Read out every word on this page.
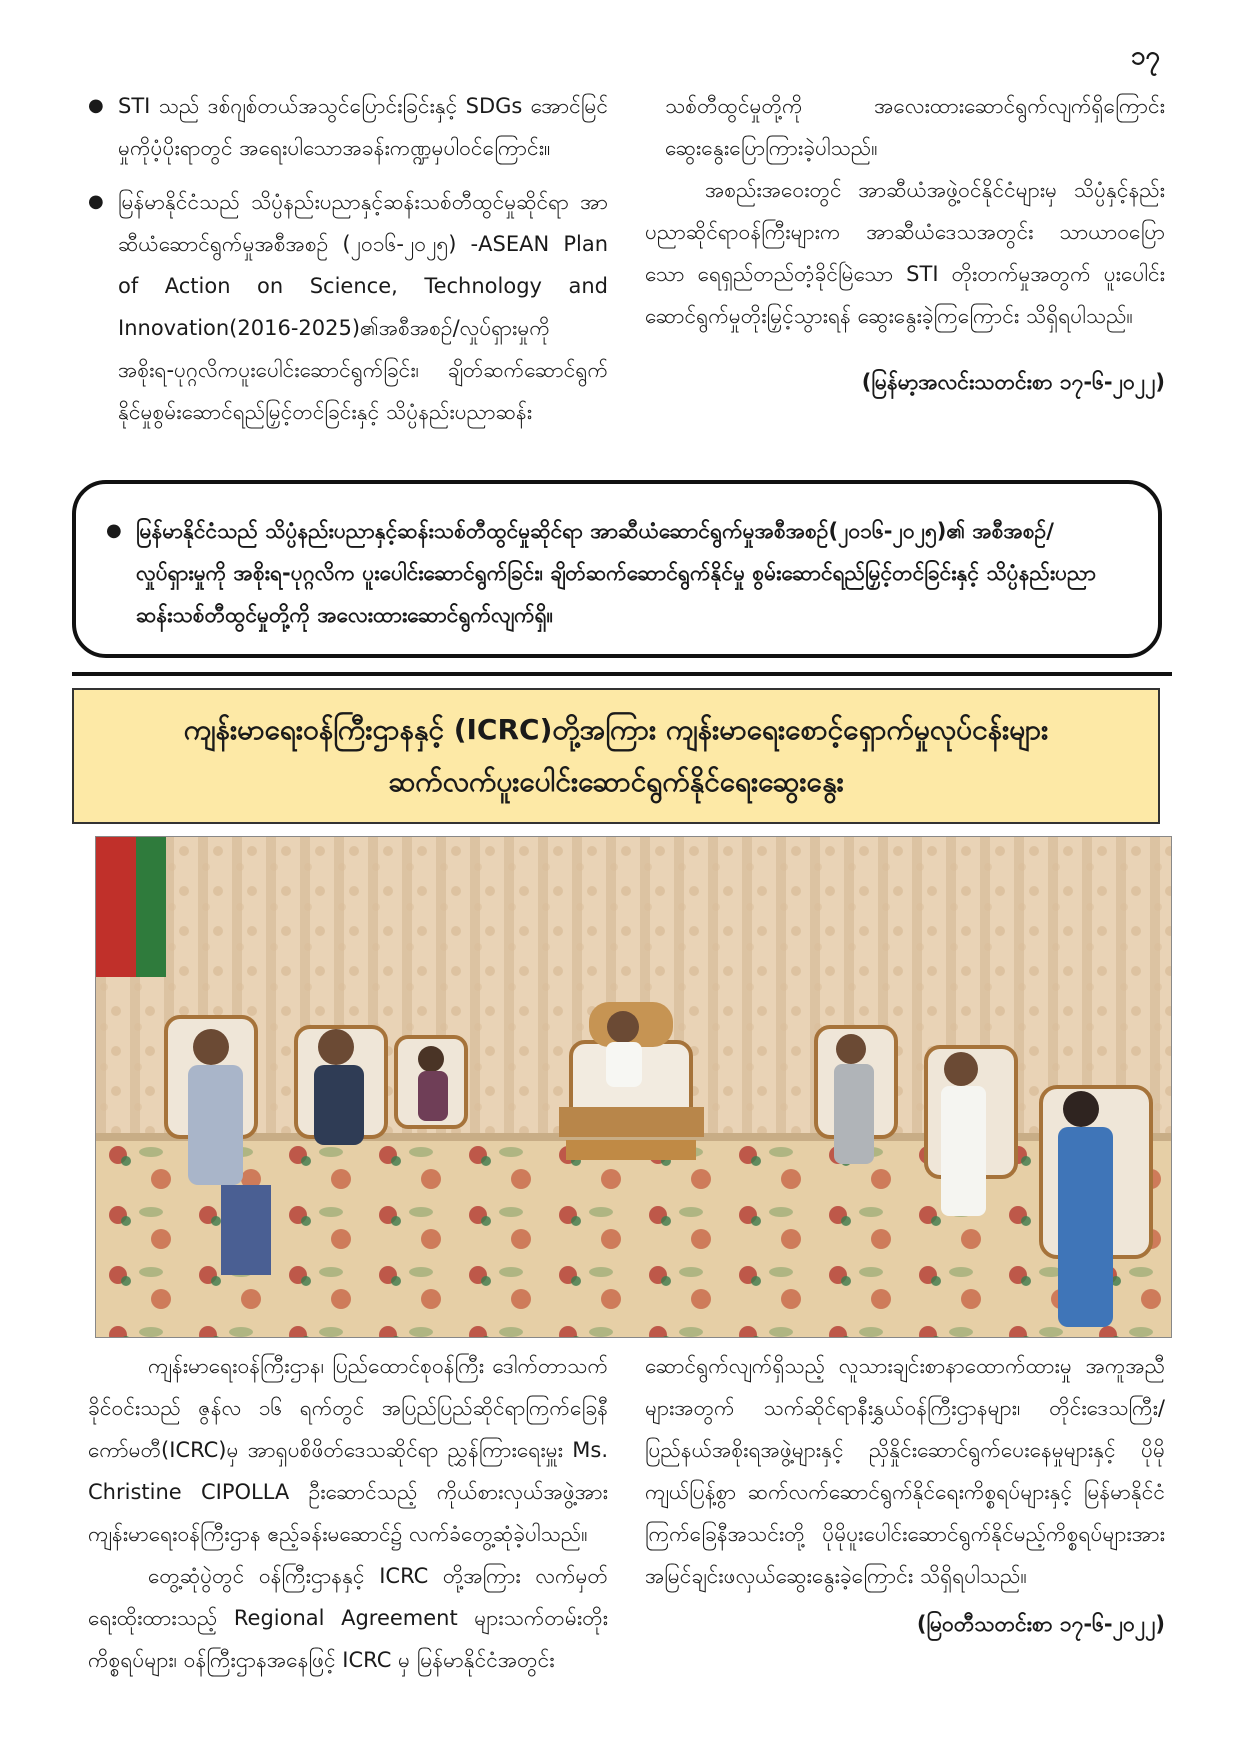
၁၇
● STI သည် ဒစ်ဂျစ်တယ်အသွင်ပြောင်းခြင်းနှင့် SDGs အောင်မြင်မှုကိုပံ့ပိုးရာတွင် အရေးပါသောအခန်းကဏ္ဍမှပါဝင်ကြောင်း။
● မြန်မာနိုင်ငံသည် သိပ္ပံနည်းပညာနှင့်ဆန်းသစ်တီထွင်မှုဆိုင်ရာ အာဆီယံဆောင်ရွက်မှုအစီအစဉ် (၂၀၁၆-၂၀၂၅) -ASEAN Plan of Action on Science, Technology and Innovation(2016-2025)၏အစီအစဉ်/လှုပ်ရှားမှုကို အစိုးရ-ပုဂ္ဂလိကပူးပေါင်းဆောင်ရွက်ခြင်း၊ ချိတ်ဆက်ဆောင်ရွက်နိုင်မှုစွမ်းဆောင်ရည်မြှင့်တင်ခြင်းနှင့် သိပ္ပံနည်းပညာဆန်း

သစ်တီထွင်မှုတို့ကို အလေးထားဆောင်ရွက်လျက်ရှိကြောင်း ဆွေးနွေးပြောကြားခဲ့ပါသည်။

အစည်းအဝေးတွင် အာဆီယံအဖွဲ့ဝင်နိုင်ငံများမှ သိပ္ပံနှင့်နည်းပညာဆိုင်ရာဝန်ကြီးများက အာဆီယံဒေသအတွင်း သာယာဝပြောသော ရေရှည်တည်တံ့ခိုင်မြဲသော STI တိုးတက်မှုအတွက် ပူးပေါင်းဆောင်ရွက်မှုတိုးမြှင့်သွားရန် ဆွေးနွေးခဲ့ကြကြောင်း သိရှိရပါသည်။

(မြန်မာ့အလင်းသတင်းစာ ၁၇-၆-၂၀၂၂)
● မြန်မာနိုင်ငံသည် သိပ္ပံနည်းပညာနှင့်ဆန်းသစ်တီထွင်မှုဆိုင်ရာ အာဆီယံဆောင်ရွက်မှုအစီအစဉ်(၂၀၁၆-၂၀၂၅)၏ အစီအစဉ်/လှုပ်ရှားမှုကို အစိုးရ-ပုဂ္ဂလိက ပူးပေါင်းဆောင်ရွက်ခြင်း၊ ချိတ်ဆက်ဆောင်ရွက်နိုင်မှု စွမ်းဆောင်ရည်မြှင့်တင်ခြင်းနှင့် သိပ္ပံနည်းပညာဆန်းသစ်တီထွင်မှုတို့ကို အလေးထားဆောင်ရွက်လျက်ရှိ။
ကျန်းမာရေးဝန်ကြီးဌာနနှင့် (ICRC)တို့အကြား ကျန်းမာရေးစောင့်ရှောက်မှုလုပ်ငန်းများ
ဆက်လက်ပူးပေါင်းဆောင်ရွက်နိုင်ရေးဆွေးနွေး

ကျန်းမာရေးဝန်ကြီးဌာန၊ ပြည်ထောင်စုဝန်ကြီး ဒေါက်တာသက်ခိုင်ဝင်းသည် ဇွန်လ ၁၆ ရက်တွင် အပြည်ပြည်ဆိုင်ရာကြက်ခြေနီကော်မတီ(ICRC)မှ အာရှပစိဖိတ်ဒေသဆိုင်ရာ ညွှန်ကြားရေးမှူး Ms. Christine CIPOLLA ဦးဆောင်သည့် ကိုယ်စားလှယ်အဖွဲ့အား ကျန်းမာရေးဝန်ကြီးဌာန ဧည့်ခန်းမဆောင်၌ လက်ခံတွေ့ဆုံခဲ့ပါသည်။

တွေ့ဆုံပွဲတွင် ဝန်ကြီးဌာနနှင့် ICRC တို့အကြား လက်မှတ်ရေးထိုးထားသည့် Regional Agreement များသက်တမ်းတိုးကိစ္စရပ်များ၊ ဝန်ကြီးဌာနအနေဖြင့် ICRC မှ မြန်မာနိုင်ငံအတွင်း

ဆောင်ရွက်လျက်ရှိသည့် လူသားချင်းစာနာထောက်ထားမှု အကူအညီများအတွက် သက်ဆိုင်ရာနီးနွှယ်ဝန်ကြီးဌာနများ၊ တိုင်းဒေသကြီး/ပြည်နယ်အစိုးရအဖွဲ့များနှင့် ညှိနှိုင်းဆောင်ရွက်ပေးနေမှုများနှင့် ပိုမိုကျယ်ပြန့်စွာ ဆက်လက်ဆောင်ရွက်နိုင်ရေးကိစ္စရပ်များနှင့် မြန်မာနိုင်ငံကြက်ခြေနီအသင်းတို့ ပိုမိုပူးပေါင်းဆောင်ရွက်နိုင်မည့်ကိစ္စရပ်များအား အမြင်ချင်းဖလှယ်ဆွေးနွေးခဲ့ကြောင်း သိရှိရပါသည်။

(မြဝတီသတင်းစာ ၁၇-၆-၂၀၂၂)
